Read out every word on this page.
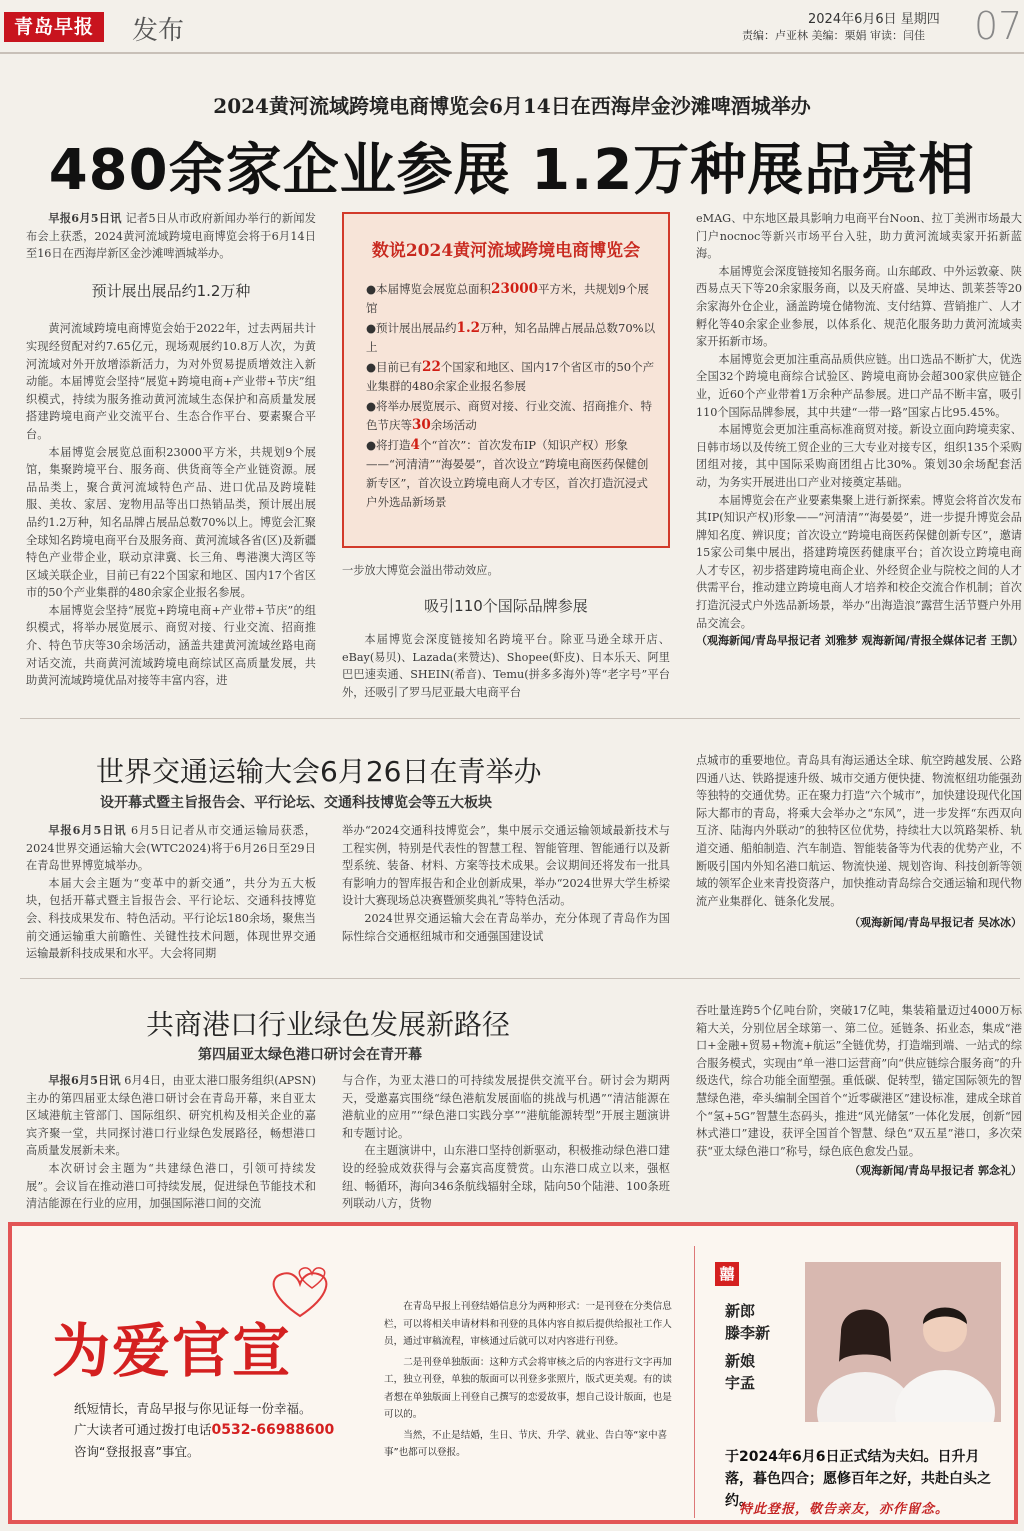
青岛早报	发布	2024年6月6日 星期四
责编：卢亚林 美编：栗娟 审读：闫佳 07
2024黄河流域跨境电商博览会6月14日在西海岸金沙滩啤酒城举办
480余家企业参展 1.2万种展品亮相

早报6月5日讯 记者5日从市政府新闻办举行的新闻发布会上获悉，2024黄河流域跨境电商博览会将于6月14日至16日在西海岸新区金沙滩啤酒城举办。

预计展出展品约1.2万种

黄河流域跨境电商博览会始于2022年，过去两届共计实现经贸配对约7.65亿元，现场观展约10.8万人次，为黄河流域对外开放增添新活力，为对外贸易提质增效注入新动能。本届博览会坚持“展览+跨境电商+产业带+节庆”组织模式，持续为服务推动黄河流域生态保护和高质量发展搭建跨境电商产业交流平台、生态合作平台、要素聚合平台。

本届博览会展览总面积23000平方米，共规划9个展馆，集聚跨境平台、服务商、供货商等全产业链资源。展品品类上，聚合黄河流域特色产品、进口优品及跨境鞋服、美妆、家居、宠物用品等出口热销品类，预计展出展品约1.2万种，知名品牌占展品总数70%以上。博览会汇聚全球知名跨境电商平台及服务商、黄河流域各省(区)及新疆特色产业带企业，联动京津冀、长三角、粤港澳大湾区等区域关联企业，目前已有22个国家和地区、国内17个省区市的50个产业集群的480余家企业报名参展。

本届博览会坚持“展览+跨境电商+产业带+节庆”的组织模式，将举办展览展示、商贸对接、行业交流、招商推介、特色节庆等30余场活动，涵盖共建黄河流域丝路电商对话交流，共商黄河流域跨境电商综试区高质量发展，共助黄河流域跨境优品对接等丰富内容，进

数说2024黄河流域跨境电商博览会

●本届博览会展览总面积23000平方米，共规划9个展馆

●预计展出展品约1.2万种，知名品牌占展品总数70%以上

●目前已有22个国家和地区、国内17个省区市的50个产业集群的480余家企业报名参展

●将举办展览展示、商贸对接、行业交流、招商推介、特色节庆等30余场活动

●将打造4个“首次”：首次发布IP（知识产权）形象——“河清清”“海晏晏”，首次设立“跨境电商医药保健创新专区”，首次设立跨境电商人才专区，首次打造沉浸式户外选品新场景

一步放大博览会溢出带动效应。

吸引110个国际品牌参展

本届博览会深度链接知名跨境平台。除亚马逊全球开店、eBay(易贝)、Lazada(来赞达)、Shopee(虾皮)、日本乐天、阿里巴巴速卖通、SHEIN(希音)、Temu(拼多多海外)等“老字号”平台外，还吸引了罗马尼亚最大电商平台

eMAG、中东地区最具影响力电商平台Noon、拉丁美洲市场最大门户nocnoc等新兴市场平台入驻，助力黄河流域卖家开拓新蓝海。

本届博览会深度链接知名服务商。山东邮政、中外运敦豪、陕西易点天下等20余家服务商，以及天府盛、吴坤达、凯莱荟等20余家海外仓企业，涵盖跨境仓储物流、支付结算、营销推广、人才孵化等40余家企业参展，以体系化、规范化服务助力黄河流域卖家开拓新市场。

本届博览会更加注重高品质供应链。出口选品不断扩大，优选全国32个跨境电商综合试验区、跨境电商协会超300家供应链企业，近60个产业带着1万余种产品参展。进口产品不断丰富，吸引110个国际品牌参展，其中共建“一带一路”国家占比95.45%。

本届博览会更加注重高标准商贸对接。新设立面向跨境卖家、日韩市场以及传统工贸企业的三大专业对接专区，组织135个采购团组对接，其中国际采购商团组占比30%。策划30余场配套活动，为务实开展进出口产业对接奠定基础。

本届博览会在产业要素集聚上进行新探索。博览会将首次发布其IP(知识产权)形象——“河清清”“海晏晏”，进一步提升博览会品牌知名度、辨识度；首次设立“跨境电商医药保健创新专区”，邀请15家公司集中展出，搭建跨境医药健康平台；首次设立跨境电商人才专区，初步搭建跨境电商企业、外经贸企业与院校之间的人才供需平台，推动建立跨境电商人才培养和校企交流合作机制；首次打造沉浸式户外选品新场景，举办“出海造浪”露营生活节暨户外用品交流会。

（观海新闻/青岛早报记者 刘雅梦 观海新闻/青报全媒体记者 王凯）

世界交通运输大会6月26日在青举办
设开幕式暨主旨报告会、平行论坛、交通科技博览会等五大板块

早报6月5日讯 6月5日记者从市交通运输局获悉，2024世界交通运输大会(WTC2024)将于6月26日至29日在青岛世界博览城举办。

本届大会主题为“变革中的新交通”，共分为五大板块，包括开幕式暨主旨报告会、平行论坛、交通科技博览会、科技成果发布、特色活动。平行论坛180余场，聚焦当前交通运输重大前瞻性、关键性技术问题，体现世界交通运输最新科技成果和水平。大会将同期

举办“2024交通科技博览会”，集中展示交通运输领域最新技术与工程实例，特别是代表性的智慧工程、智能管理、智能通行以及新型系统、装备、材料、方案等技术成果。会议期间还将发布一批具有影响力的智库报告和企业创新成果，举办“2024世界大学生桥梁设计大赛现场总决赛暨颁奖典礼”等特色活动。

2024世界交通运输大会在青岛举办，充分体现了青岛作为国际性综合交通枢纽城市和交通强国建设试

点城市的重要地位。青岛具有海运通达全球、航空跨越发展、公路四通八达、铁路提速升级、城市交通方便快捷、物流枢纽功能强劲等独特的交通优势。正在聚力打造“六个城市”，加快建设现代化国际大都市的青岛，将乘大会举办之“东风”，进一步发挥“东西双向互济、陆海内外联动”的独特区位优势，持续壮大以筑路架桥、轨道交通、船舶制造、汽车制造、智能装备等为代表的优势产业，不断吸引国内外知名港口航运、物流快递、规划咨询、科技创新等领域的领军企业来青投资落户，加快推动青岛综合交通运输和现代物流产业集群化、链条化发展。

（观海新闻/青岛早报记者 吴冰冰）

共商港口行业绿色发展新路径
第四届亚太绿色港口研讨会在青开幕

早报6月5日讯 6月4日，由亚太港口服务组织(APSN)主办的第四届亚太绿色港口研讨会在青岛开幕，来自亚太区域港航主管部门、国际组织、研究机构及相关企业的嘉宾齐聚一堂，共同探讨港口行业绿色发展路径，畅想港口高质量发展新未来。

本次研讨会主题为“共建绿色港口，引领可持续发展”。会议旨在推动港口可持续发展，促进绿色节能技术和清洁能源在行业的应用，加强国际港口间的交流

与合作，为亚太港口的可持续发展提供交流平台。研讨会为期两天，受邀嘉宾围绕“绿色港航发展面临的挑战与机遇”“清洁能源在港航业的应用”“绿色港口实践分享”“港航能源转型”开展主题演讲和专题讨论。

在主题演讲中，山东港口坚持创新驱动，积极推动绿色港口建设的经验成效获得与会嘉宾高度赞赏。山东港口成立以来，强枢纽、畅循环，海向346条航线辐射全球，陆向50个陆港、100条班列联动八方，货物

吞吐量连跨5个亿吨台阶，突破17亿吨，集装箱量迈过4000万标箱大关，分别位居全球第一、第二位。延链条、拓业态，集成“港口+金融+贸易+物流+航运”全链优势，打造端到端、一站式的综合服务模式，实现由“单一港口运营商”向“供应链综合服务商”的升级迭代，综合功能全面塑强。重低碳、促转型，锚定国际领先的智慧绿色港，牵头编制全国首个“近零碳港区”建设标准，建成全球首个“氢+5G”智慧生态码头，推进“风光储氢”一体化发展，创新“园林式港口”建设，获评全国首个智慧、绿色“双五星”港口，多次荣获“亚太绿色港口”称号，绿色底色愈发凸显。

（观海新闻/青岛早报记者 郭念礼）

为爱官宣
纸短情长，青岛早报与你见证每一份幸福。
广大读者可通过拨打电话0532-66988600
咨询“登报报喜”事宜。

在青岛早报上刊登结婚信息分为两种形式：一是刊登在分类信息栏，可以将相关申请材料和刊登的具体内容自拟后提供给报社工作人员，通过审稿流程，审核通过后就可以对内容进行刊登。

二是刊登单独版面：这种方式会将审核之后的内容进行文字再加工，独立刊登，单独的版面可以刊登多张照片，版式更美观。有的读者想在单独版面上刊登自己撰写的恋爱故事，想自己设计版面，也是可以的。

当然，不止是结婚，生日、节庆、升学、就业、告白等“家中喜事”也都可以登报。

囍
新郎
滕李新
新娘
宇孟
于2024年6月6日正式结为夫妇。日升月落，暮色四合；愿修百年之好，共赴白头之约。
特此登报，敬告亲友，亦作留念。
